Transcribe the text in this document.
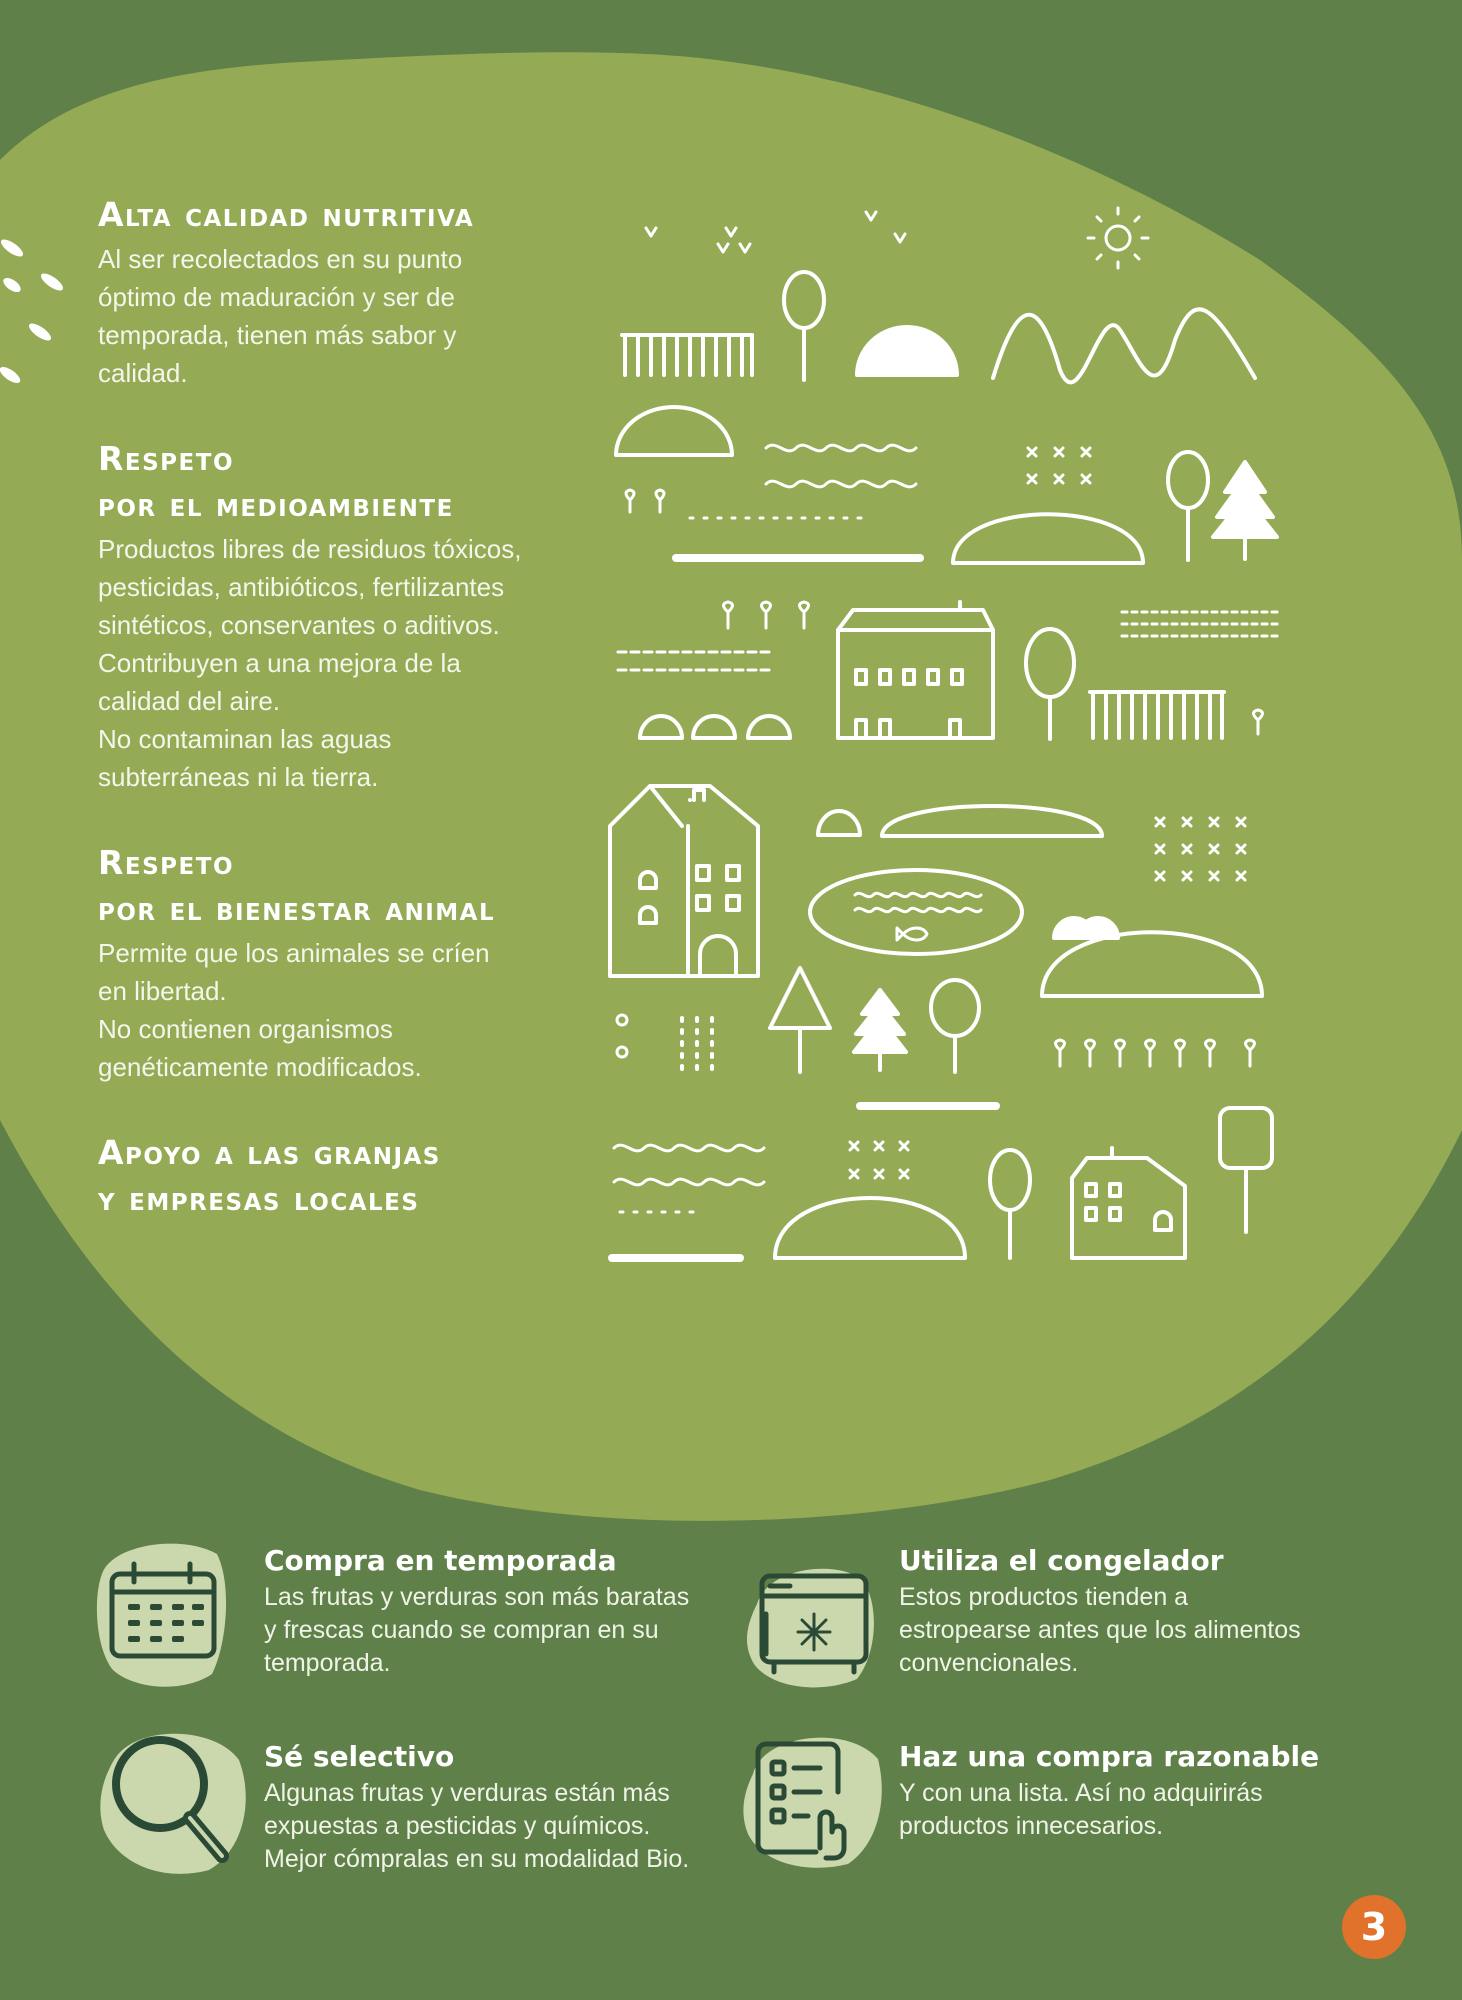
Alta calidad nutritiva

Al ser recolectados en su punto
óptimo de maduración y ser de
temporada, tienen más sabor y
calidad.

Respeto
por el medioambiente

Productos libres de residuos tóxicos,
pesticidas, antibióticos, fertilizantes
sintéticos, conservantes o aditivos.
Contribuyen a una mejora de la
calidad del aire.
No contaminan las aguas
subterráneas ni la tierra.

Respeto
por el bienestar animal

Permite que los animales se críen
en libertad.
No contienen organismos
genéticamente modificados.

Apoyo a las granjas
y empresas locales
Compra en temporada
Las frutas y verduras son más baratas
y frescas cuando se compran en su
temporada.
Utiliza el congelador
Estos productos tienden a
estropearse antes que los alimentos
convencionales.
Sé selectivo
Algunas frutas y verduras están más
expuestas a pesticidas y químicos.
Mejor cómpralas en su modalidad Bio.
Haz una compra razonable
Y con una lista. Así no adquirirás
productos innecesarios.
3
